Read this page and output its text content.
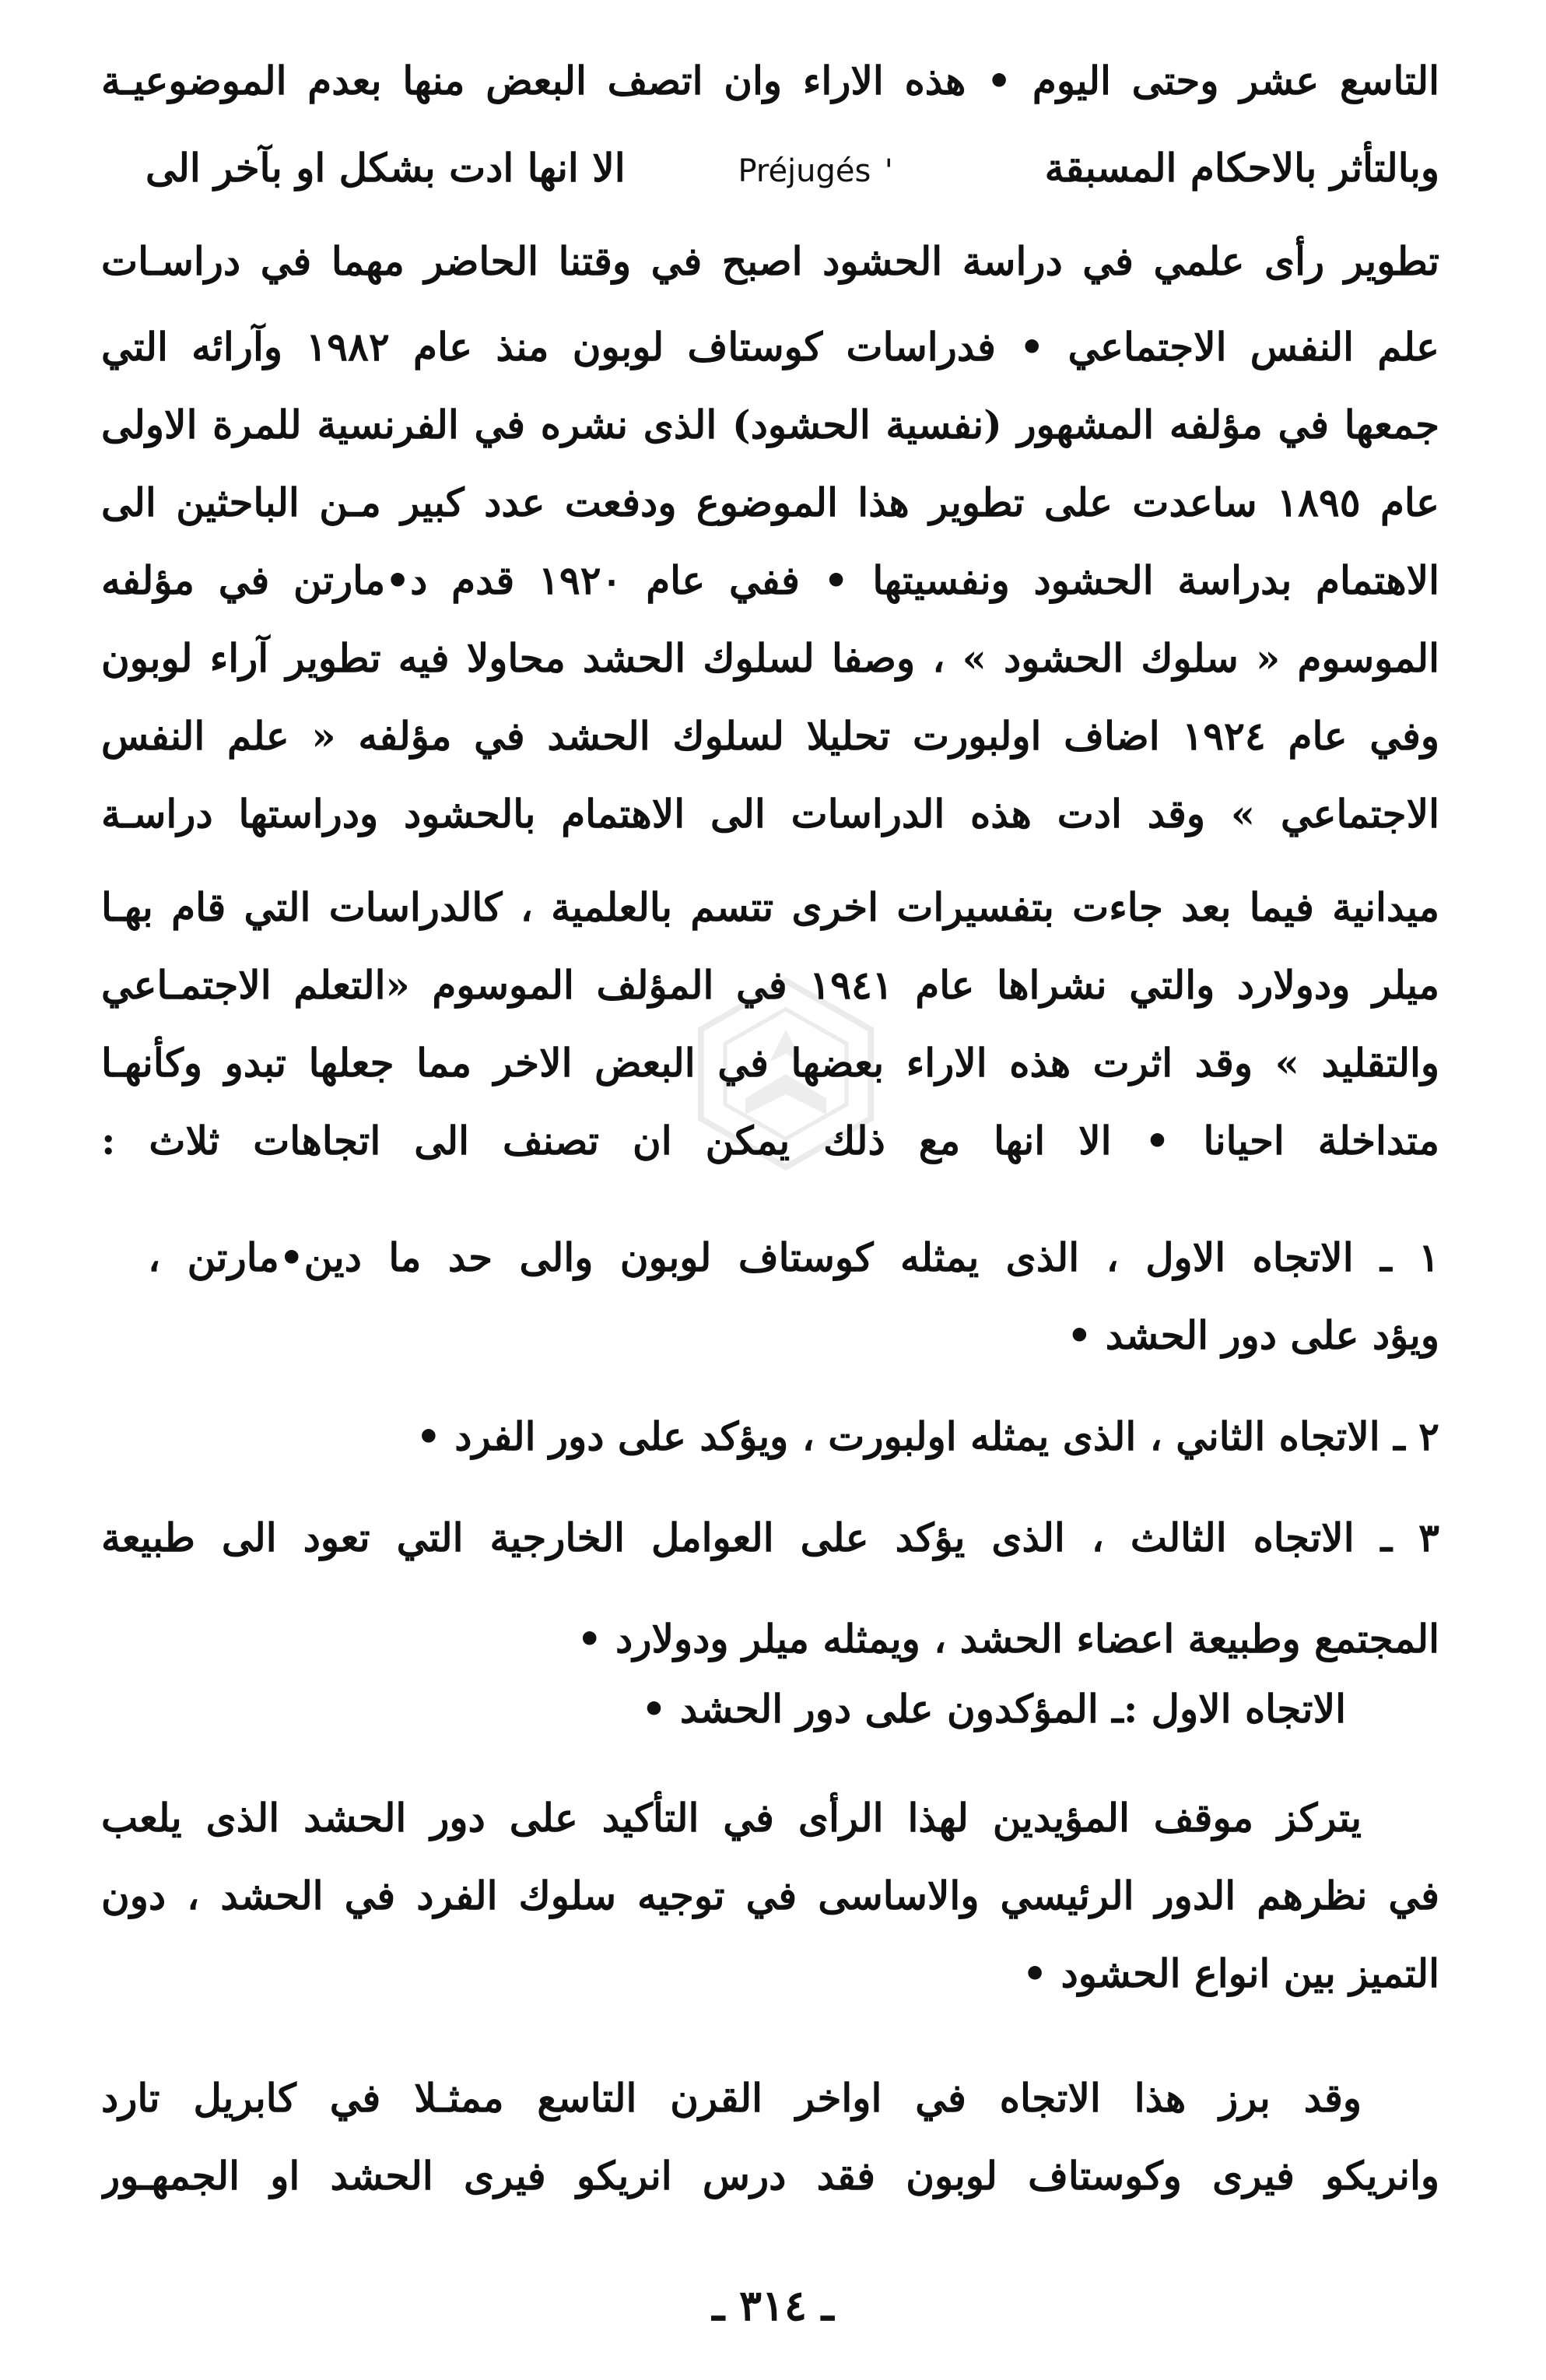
التاسع عشر وحتى اليوم • هذه الاراء وان اتصف البعض منها بعدم الموضوعيـة
وبالتأثر بالاحكام المسبقة  Préjugés '  الا انها ادت بشكل او بآخر الى
تطوير رأى علمي في دراسة الحشود اصبح في وقتنا الحاضر مهما في دراسـات
علم النفس الاجتماعي • فدراسات كوستاف لوبون منذ عام ١٩٨٢ وآرائه التي
جمعها في مؤلفه المشهور (نفسية الحشود) الذى نشره في الفرنسية للمرة الاولى
عام ١٨٩٥ ساعدت على تطوير هذا الموضوع ودفعت عدد كبير مـن الباحثين الى
الاهتمام بدراسة الحشود ونفسيتها • ففي عام ١٩٢٠ قدم د•مارتن في مؤلفه
الموسوم « سلوك الحشود » ، وصفا لسلوك الحشد محاولا فيه تطوير آراء لوبون
وفي عام ١٩٢٤ اضاف اولبورت تحليلا لسلوك الحشد في مؤلفه « علم النفس
الاجتماعي » وقد ادت هذه الدراسات الى الاهتمام بالحشود ودراستها دراسـة
ميدانية فيما بعد جاءت بتفسيرات اخرى تتسم بالعلمية ، كالدراسات التي قام بهـا
ميلر ودولارد والتي نشراها عام ١٩٤١ في المؤلف الموسوم «التعلم الاجتمـاعي
والتقليد » وقد اثرت هذه الاراء بعضها في البعض الاخر مما جعلها تبدو وكأنهـا
متداخلة احيانا • الا انها مع ذلك يمكن ان تصنف الى اتجاهات ثلاث :
١ ـ الاتجاه الاول ، الذى يمثله كوستاف لوبون والى حد ما دين•مارتن ،
ويؤد على دور الحشد •
٢ ـ الاتجاه الثاني ، الذى يمثله اولبورت ، ويؤكد على دور الفرد •
٣ ـ الاتجاه الثالث ، الذى يؤكد على العوامل الخارجية التي تعود الى طبيعة
المجتمع وطبيعة اعضاء الحشد ، ويمثله ميلر ودولارد •
الاتجاه الاول :ـ المؤكدون على دور الحشد •
يتركز موقف المؤيدين لهذا الرأى في التأكيد على دور الحشد الذى يلعب
في نظرهم الدور الرئيسي والاساسى في توجيه سلوك الفرد في الحشد ، دون
التميز بين انواع الحشود •
وقد برز هذا الاتجاه في اواخر القرن التاسع ممثـلا في كابريل تارد
وانريكو فيرى وكوستاف لوبون فقد درس انريكو فيرى الحشد او الجمهـور
ـ ٣١٤ ـ
